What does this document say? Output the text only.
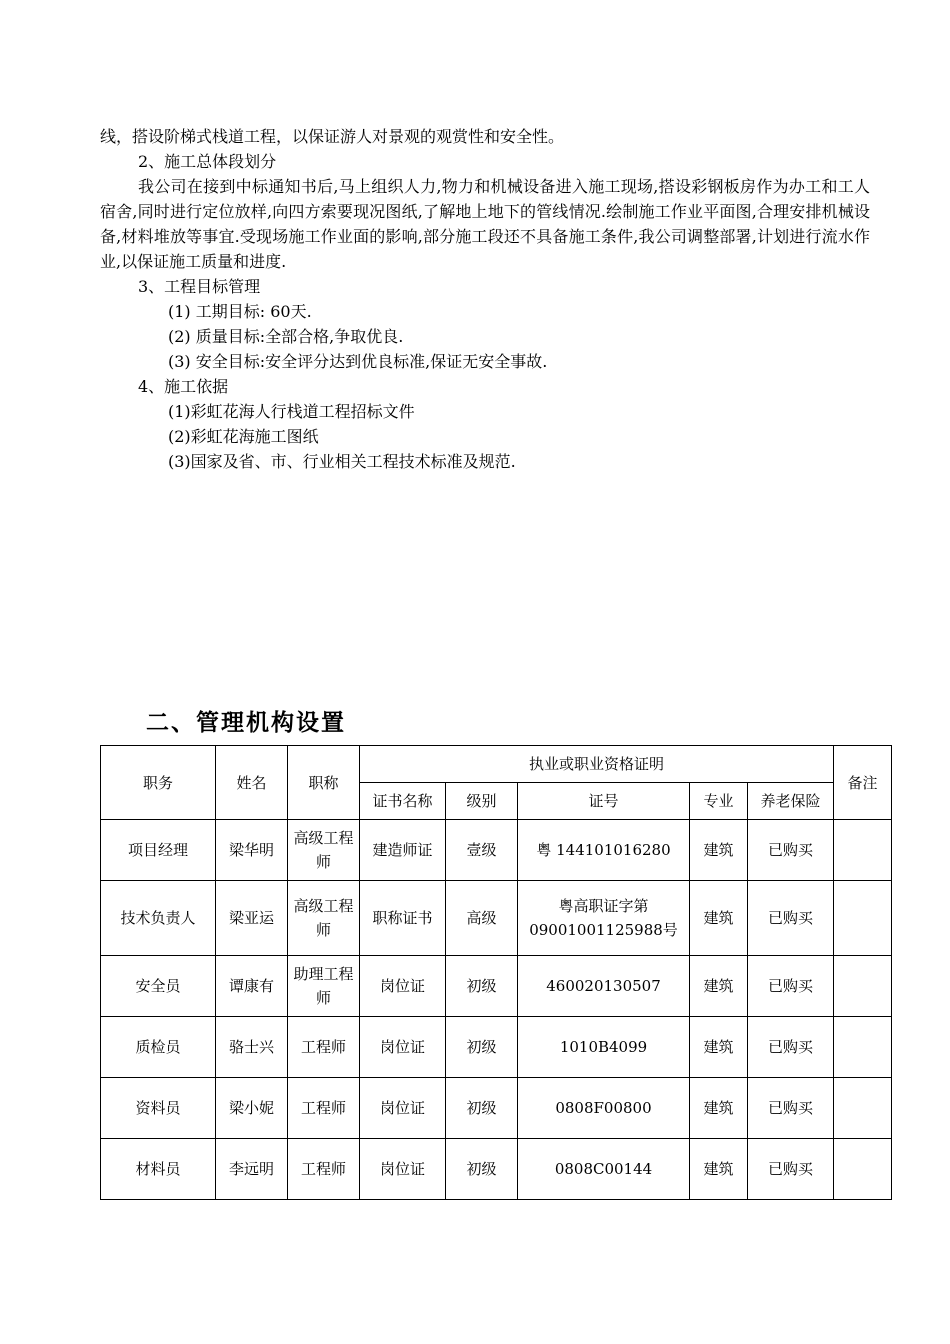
线，搭设阶梯式栈道工程，以保证游人对景观的观赏性和安全性。

2、施工总体段划分

我公司在接到中标通知书后,马上组织人力,物力和机械设备进入施工现场,搭设彩钢板房作为办工和工人宿舍,同时进行定位放样,向四方索要现况图纸,了解地上地下的管线情况.绘制施工作业平面图,合理安排机械设备,材料堆放等事宜.受现场施工作业面的影响,部分施工段还不具备施工条件,我公司调整部署,计划进行流水作业,以保证施工质量和进度.

3、工程目标管理

(1) 工期目标: 60天.

(2) 质量目标:全部合格,争取优良.

(3) 安全目标:安全评分达到优良标准,保证无安全事故.

4、施工依据

(1)彩虹花海人行栈道工程招标文件

(2)彩虹花海施工图纸

(3)国家及省、市、行业相关工程技术标准及规范.

二、管理机构设置
职务	姓名	职称	执业或职业资格证明					备注
			证书名称	级别	证号	专业	养老保险	
项目经理	梁华明	高级工程师	建造师证	壹级	粤 144101016280	建筑	已购买	
技术负责人	梁亚运	高级工程师	职称证书	高级	粤高职证字第 09001001125988号	建筑	已购买	
安全员	谭康有	助理工程师	岗位证	初级	460020130507	建筑	已购买	
质检员	骆士兴	工程师	岗位证	初级	1010B4099	建筑	已购买	
资料员	梁小妮	工程师	岗位证	初级	0808F00800	建筑	已购买	
材料员	李远明	工程师	岗位证	初级	0808C00144	建筑	已购买	
